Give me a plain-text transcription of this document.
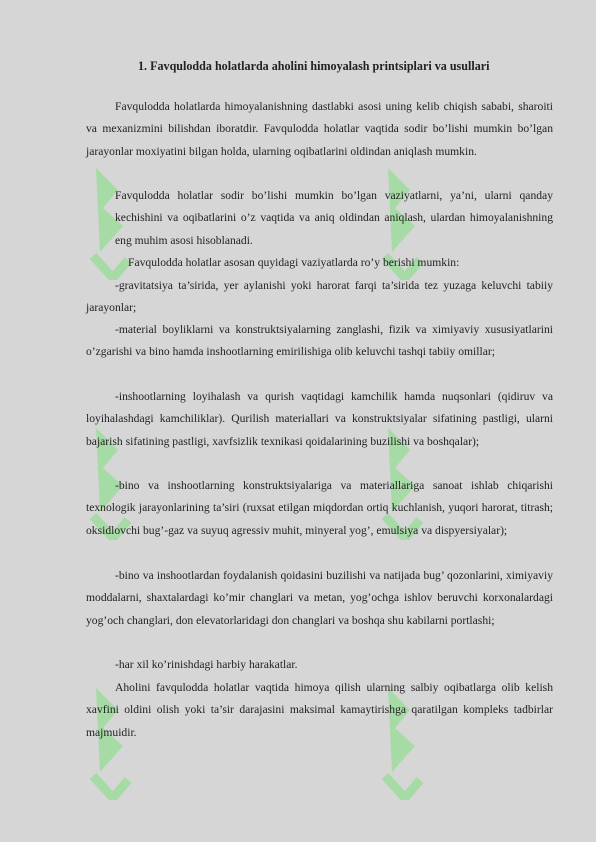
1. Favqulodda holatlarda aholini himoyalash printsiplari va usullari

Favqulodda holatlarda himoyalanishning dastlabki asosi uning kelib chiqish sababi, sharoiti va mexanizmini bilishdan iboratdir. Favqulodda holatlar vaqtida sodir bo’lishi mumkin bo’lgan jarayonlar moxiyatini bilgan holda, ularning oqibatlarini oldindan aniqlash mumkin.

Favqulodda holatlar sodir bo’lishi mumkin bo’lgan vaziyatlarni, ya’ni, ularni qanday kechishini va oqibatlarini o’z vaqtida va aniq oldindan aniqlash, ulardan himoyalanishning eng muhim asosi hisoblanadi.

Favqulodda holatlar asosan quyidagi vaziyatlarda ro’y berishi mumkin:

-gravitatsiya ta’sirida, yer aylanishi yoki harorat farqi ta’sirida tez yuzaga keluvchi tabiiy jarayonlar;

-material boyliklarni va konstruktsiyalarning zanglashi, fizik va ximiyaviy xususiyatlarini o’zgarishi va bino hamda inshootlarning emirilishiga olib keluvchi tashqi tabiiy omillar;

-inshootlarning loyihalash va qurish vaqtidagi kamchilik hamda nuqsonlari (qidiruv va loyihalashdagi kamchiliklar). Qurilish materiallari va konstruktsiyalar sifatining pastligi, ularni bajarish sifatining pastligi, xavfsizlik texnikasi qoidalarining buzilishi va boshqalar);

-bino va inshootlarning konstruktsiyalariga va materiallariga sanoat ishlab chiqarishi texnologik jarayonlarining ta’siri (ruxsat etilgan miqdordan ortiq kuchlanish, yuqori harorat, titrash; oksidlovchi bug’-gaz va suyuq agressiv muhit, minyeral yog’, emulsiya va dispyersiyalar);

-bino va inshootlardan foydalanish qoidasini buzilishi va natijada bug’ qozonlarini, ximiyaviy moddalarni, shaxtalardagi ko’mir changlari va metan, yog’ochga ishlov beruvchi korxonalardagi yog’och changlari, don elevatorlaridagi don changlari va boshqa shu kabilarni portlashi;

-har xil ko’rinishdagi harbiy harakatlar.

Aholini favqulodda holatlar vaqtida himoya qilish ularning salbiy oqibatlarga olib kelish xavfini oldini olish yoki ta’sir darajasini maksimal kamaytirishga qaratilgan kompleks tadbirlar majmuidir.
